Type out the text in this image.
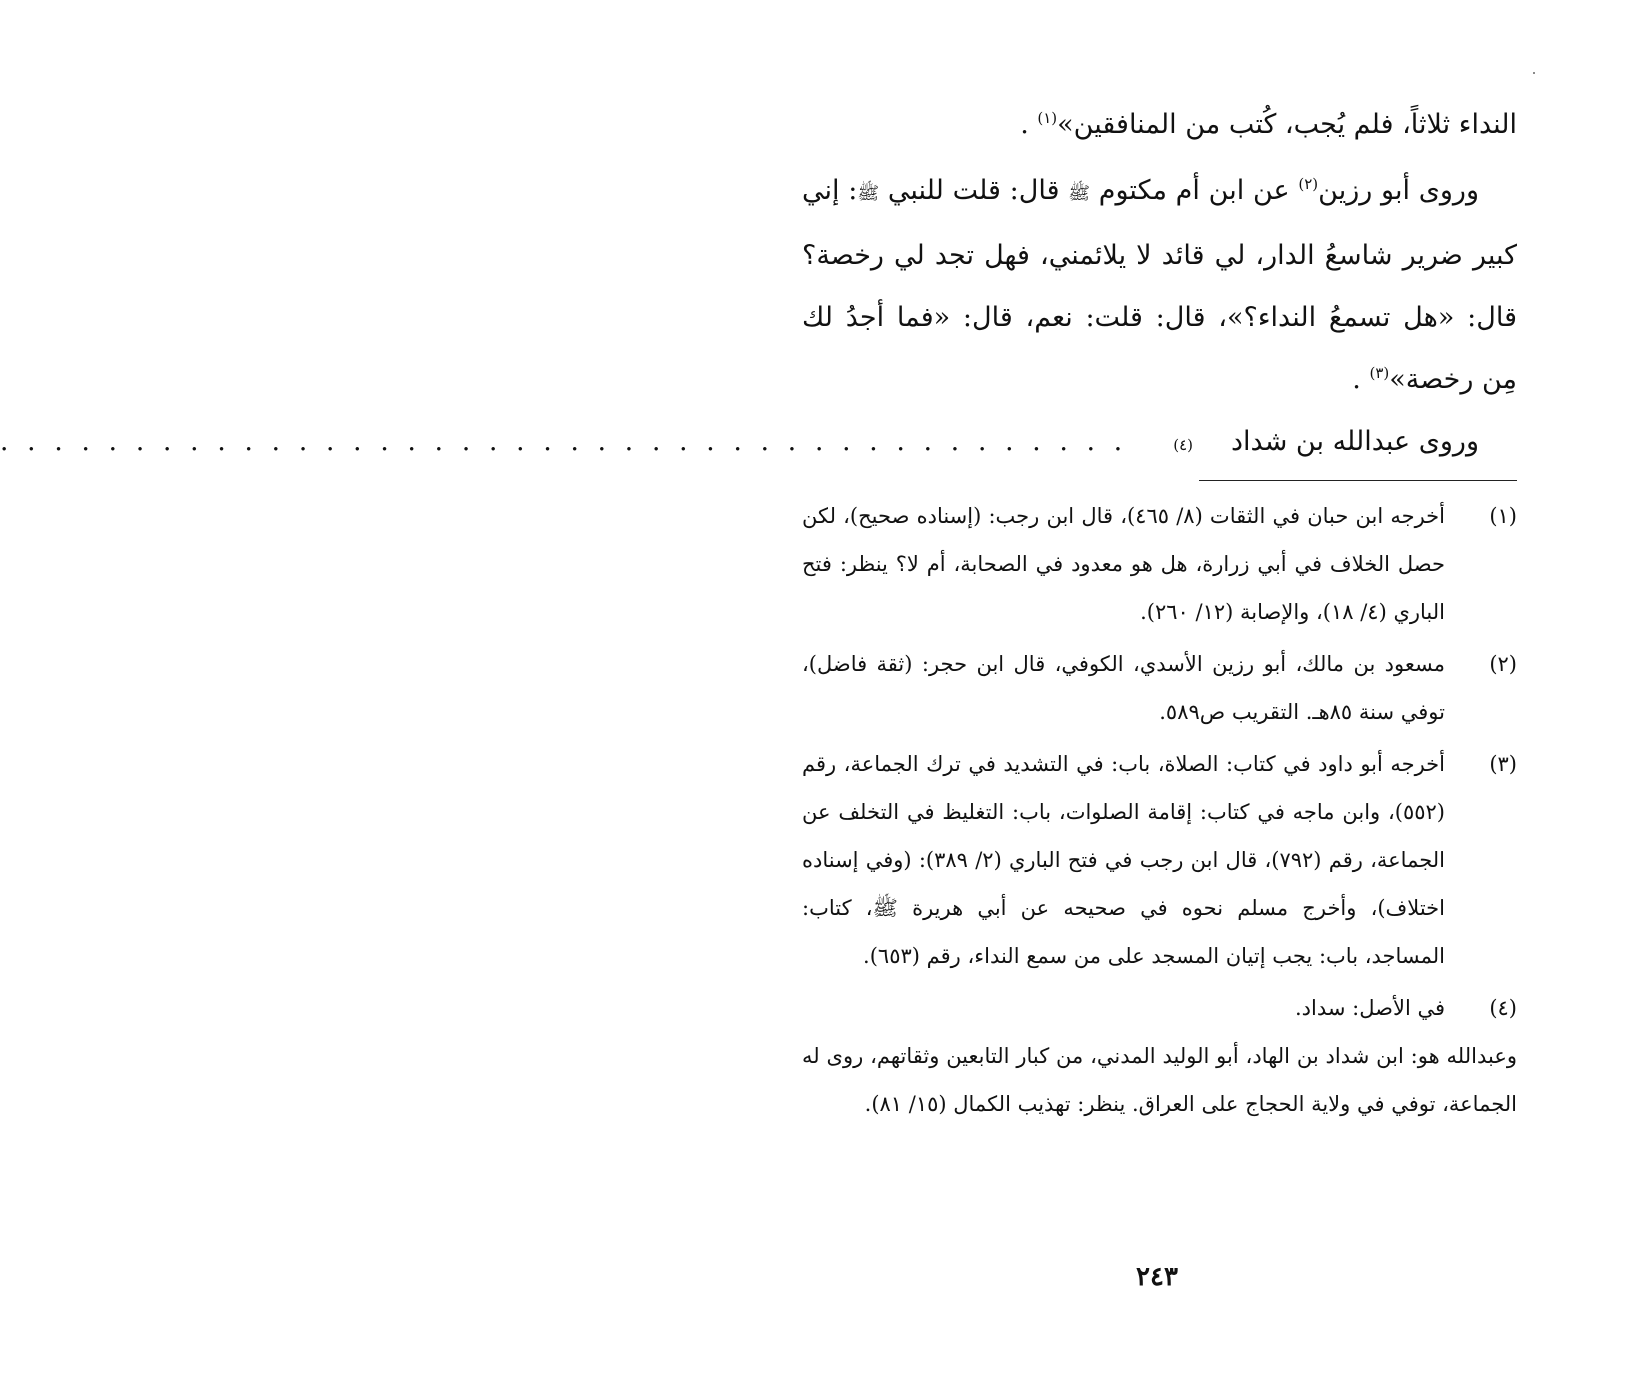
النداء ثلاثاً، فلم يُجب، كُتب من المنافقين»$^{(١)}$ .

وروى أبو رزين$^{(٢)}$ عن ابن أم مكتوم ﷺ قال: قلت للنبي ﷺ: إني كبير ضرير شاسعُ الدار، لي قائد لا يلائمني، فهل تجد لي رخصة؟ قال: «هل تسمعُ النداء؟»، قال: قلت: نعم، قال: «فما أجدُ لك مِن رخصة»$^{(٣)}$ .

وروى عبدالله بن شداد
(٤)
. . . . . . . . . . . . . . . . . . . . . . . . . . . . . . . . . . . . . . . . . .

(١)

أخرجه ابن حبان في الثقات (٨/ ٤٦٥)، قال ابن رجب: (إسناده صحيح)، لكن حصل الخلاف في أبي زرارة، هل هو معدود في الصحابة، أم لا؟ ينظر: فتح الباري (٤/ ١٨)، والإصابة (١٢/ ٢٦٠).

(٢)

مسعود بن مالك، أبو رزين الأسدي، الكوفي، قال ابن حجر: (ثقة فاضل)، توفي سنة ٨٥هـ. التقريب ص٥٨٩.

(٣)

أخرجه أبو داود في كتاب: الصلاة، باب: في التشديد في ترك الجماعة، رقم (٥٥٢)، وابن ماجه في كتاب: إقامة الصلوات، باب: التغليظ في التخلف عن الجماعة، رقم (٧٩٢)، قال ابن رجب في فتح الباري (٢/ ٣٨٩): (وفي إسناده اختلاف)، وأخرج مسلم نحوه في صحيحه عن أبي هريرة ﷺ، كتاب: المساجد، باب: يجب إتيان المسجد على من سمع النداء، رقم (٦٥٣).

(٤)

في الأصل: سداد.

وعبدالله هو: ابن شداد بن الهاد، أبو الوليد المدني، من كبار التابعين وثقاتهم، روى له الجماعة، توفي في ولاية الحجاج على العراق. ينظر: تهذيب الكمال (١٥/ ٨١).

٢٤٣
